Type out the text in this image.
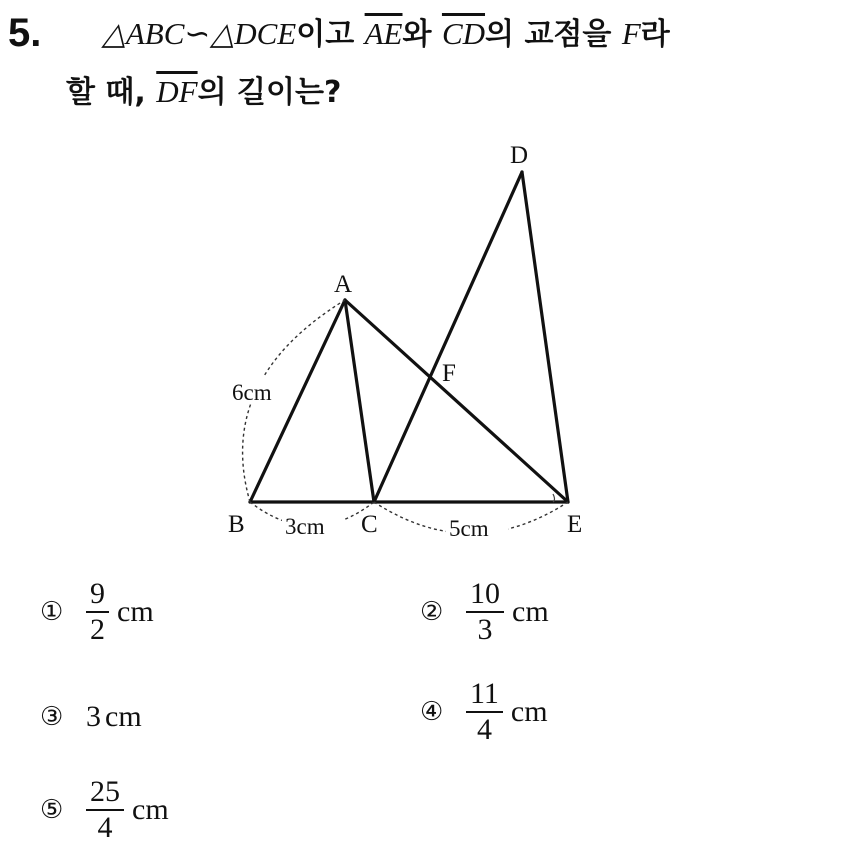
5. △ABC∽△DCE이고 $\overline{AE}$와 $\overline{CD}$의 교점을 F라
할 때, $\overline{DF}$의 길이는?
A
B	C
D
E
F
6cm
3cm	5cm
① $\frac{9}{2}$ cm	② $\frac{10}{3}$ cm
③ 3 cm	④ $\frac{11}{4}$ cm
⑤ $\frac{25}{4}$ cm
